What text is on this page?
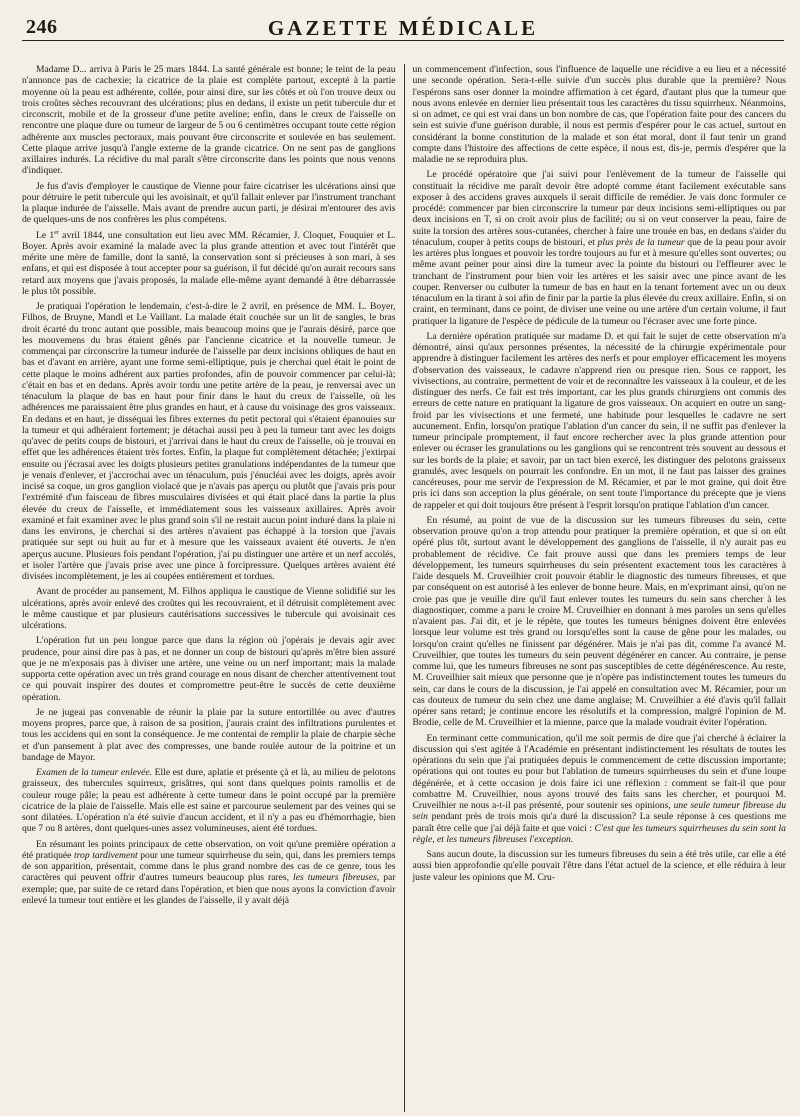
246	GAZETTE MÉDICALE

Madame D... arriva à Paris le 25 mars 1844. La santé générale est bonne; le teint de la peau n'annonce pas de cachexie; la cicatrice de la plaie est complète partout, excepté à la partie moyenne où la peau est adhérente, collée, pour ainsi dire, sur les côtés et où l'on trouve deux ou trois croûtes sèches recouvrant des ulcérations; plus en dedans, il existe un petit tubercule dur et circonscrit, mobile et de la grosseur d'une petite aveline; enfin, dans le creux de l'aisselle on rencontre une plaque dure ou tumeur de largeur de 5 ou 6 centimètres occupant toute cette région adhérente aux muscles pectoraux, mais pouvant être circonscrite et soulevée en bas seulement. Cette plaque arrive jusqu'à l'angle externe de la grande cicatrice. On ne sent pas de ganglions axillaires indurés. La récidive du mal paraît s'être circonscrite dans les points que nous venons d'indiquer.

Je fus d'avis d'employer le caustique de Vienne pour faire cicatriser les ulcérations ainsi que pour détruire le petit tubercule qui les avoisinait, et qu'il fallait enlever par l'instrument tranchant la plaque indurée de l'aisselle. Mais avant de prendre aucun parti, je désirai m'entourer des avis de quelques-uns de nos confrères les plus compétens.

Le 1er avril 1844, une consultation eut lieu avec MM. Récamier, J. Cloquet, Fouquier et L. Boyer. Après avoir examiné la malade avec la plus grande attention et avec tout l'intérêt que mérite une mère de famille, dont la santé, la conservation sont si précieuses à son mari, à ses enfans, et qui est disposée à tout accepter pour sa guérison, il fut décidé qu'on aurait recours sans retard aux moyens que j'avais proposés, la malade elle-même ayant demandé à être débarrassée le plus tôt possible.

Je pratiquai l'opération le lendemain, c'est-à-dire le 2 avril, en présence de MM. L. Boyer, Filhos, de Bruyne, Mandl et Le Vaillant. La malade était couchée sur un lit de sangles, le bras droit écarté du tronc autant que possible, mais beaucoup moins que je l'aurais désiré, parce que les mouvemens du bras étaient gênés par l'ancienne cicatrice et la nouvelle tumeur. Je commençai par circonscrire la tumeur indurée de l'aisselle par deux incisions obliques de haut en bas et d'avant en arrière, ayant une forme semi-elliptique, puis je cherchai quel était le point de cette plaque le moins adhérent aux parties profondes, afin de pouvoir commencer par celui-là; c'était en bas et en dedans. Après avoir tordu une petite artère de la peau, je renversai avec un ténaculum la plaque de bas en haut pour finir dans le haut du creux de l'aisselle, où les adhérences me paraissaient être plus grandes en haut, et à cause du voisinage des gros vaisseaux. En dedans et en haut, je disséquai les fibres externes du petit pectoral qui s'étaient épanouies sur la tumeur et qui adhéraient fortement; je détachai aussi peu à peu la tumeur tant avec les doigts qu'avec de petits coups de bistouri, et j'arrivai dans le haut du creux de l'aisselle, où je trouvai en effet que les adhérences étaient très fortes. Enfin, la plaque fut complètement détachée; j'extirpai ensuite ou j'écrasai avec les doigts plusieurs petites granulations indépendantes de la tumeur que je venais d'enlever, et j'accrochai avec un ténaculum, puis j'énucléai avec les doigts, après avoir incisé sa coque, un gros ganglion violacé que je n'avais pas aperçu ou plutôt que j'avais pris pour l'extrémité d'un faisceau de fibres musculaires divisées et qui était placé dans la partie la plus élevée du creux de l'aisselle, et immédiatement sous les vaisseaux axillaires. Après avoir examiné et fait examiner avec le plus grand soin s'il ne restait aucun point induré dans la plaie ni dans les environs, je cherchai si des artères n'avaient pas échappé à la torsion que j'avais pratiquée sur sept ou huit au fur et à mesure que les vaisseaux avaient été ouverts. Je n'en aperçus aucune. Plusieurs fois pendant l'opération, j'ai pu distinguer une artère et un nerf accolés, et isoler l'artère que j'avais prise avec une pince à forcipressure. Quelques artères avaient été divisées incomplètement, je les ai coupées entièrement et tordues.

Avant de procéder au pansement, M. Filhos appliqua le caustique de Vienne solidifié sur les ulcérations, après avoir enlevé des croûtes qui les recouvraient, et il détruisit complètement avec le même caustique et par plusieurs cautérisations successives le tubercule qui avoisinait ces ulcérations.

L'opération fut un peu longue parce que dans la région où j'opérais je devais agir avec prudence, pour ainsi dire pas à pas, et ne donner un coup de bistouri qu'après m'être bien assuré que je ne m'exposais pas à diviser une artère, une veine ou un nerf important; mais la malade supporta cette opération avec un très grand courage en nous disant de chercher attentivement tout ce qui pouvait inspirer des doutes et compromettre peut-être le succès de cette deuxième opération.

Je ne jugeai pas convenable de réunir la plaie par la suture entortillée ou avec d'autres moyens propres, parce que, à raison de sa position, j'aurais craint des infiltrations purulentes et tous les accidens qui en sont la conséquence. Je me contentai de remplir la plaie de charpie sèche et d'un pansement à plat avec des compresses, une bande roulée autour de la poitrine et un bandage de Mayor.

Examen de la tumeur enlevée. Elle est dure, aplatie et présente çà et là, au milieu de pelotons graisseux, des tubercules squirreux, grisâtres, qui sont dans quelques points ramollis et de couleur rouge pâle; la peau est adhérente à cette tumeur dans le point occupé par la première cicatrice de la plaie de l'aisselle. Mais elle est saine et parcourue seulement par des veines qui se sont dilatées. L'opération n'a été suivie d'aucun accident, et il n'y a pas eu d'hémorrhagie, bien que 7 ou 8 artères, dont quelques-unes assez volumineuses, aient été tordues.

En résumant les points principaux de cette observation, on voit qu'une première opération a été pratiquée trop tardivement pour une tumeur squirrheuse du sein, qui, dans les premiers temps de son apparition, présentait, comme dans le plus grand nombre des cas de ce genre, tous les caractères qui peuvent offrir d'autres tumeurs beaucoup plus rares, les tumeurs fibreuses, par exemple; que, par suite de ce retard dans l'opération, et bien que nous ayons la conviction d'avoir enlevé la tumeur tout entière et les glandes de l'aisselle, il y avait déjà

un commencement d'infection, sous l'influence de laquelle une récidive a eu lieu et a nécessité une seconde opération. Sera-t-elle suivie d'un succès plus durable que la première? Nous l'espérons sans oser donner la moindre affirmation à cet égard, d'autant plus que la tumeur que nous avons enlevée en dernier lieu présentait tous les caractères du tissu squirrheux. Néanmoins, si on admet, ce qui est vrai dans un bon nombre de cas, que l'opération faite pour des cancers du sein est suivie d'une guérison durable, il nous est permis d'espérer pour le cas actuel, surtout en considérant la bonne constitution de la malade et son état moral, dont il faut tenir un grand compte dans l'histoire des affections de cette espèce, il nous est, dis-je, permis d'espérer que la maladie ne se reproduira plus.

Le procédé opératoire que j'ai suivi pour l'enlèvement de la tumeur de l'aisselle qui constituait la récidive me paraît devoir être adopté comme étant facilement exécutable sans exposer à des accidens graves auxquels il serait difficile de remédier. Je vais donc formuler ce procédé: commencer par bien circonscrire la tumeur par deux incisions semi-elliptiques ou par deux incisions en T, si on croit avoir plus de facilité; ou si on veut conserver la peau, faire de suite la torsion des artères sous-cutanées, chercher à faire une trouée en bas, en dedans s'aider du ténaculum, couper à petits coups de bistouri, et plus près de la tumeur que de la peau pour avoir les artères plus longues et pouvoir les tordre toujours au fur et à mesure qu'elles sont ouvertes; ou même avant peiner pour ainsi dire la tumeur avec la pointe du bistouri ou l'effleurer avec le tranchant de l'instrument pour bien voir les artères et les saisir avec une pince avant de les couper. Renverser ou culbuter la tumeur de bas en haut en la tenant fortement avec un ou deux ténaculum en la tirant à soi afin de finir par la partie la plus élevée du creux axillaire. Enfin, si on craint, en terminant, dans ce point, de diviser une veine ou une artère d'un certain volume, il faut pratiquer la ligature de l'espèce de pédicule de la tumeur ou l'écraser avec une forte pince.

La dernière opération pratiquée sur madame D. et qui fait le sujet de cette observation m'a démontré, ainsi qu'aux personnes présentes, la nécessité de la chirurgie expérimentale pour apprendre à distinguer facilement les artères des nerfs et pour employer efficacement les moyens d'observation des vaisseaux, le cadavre n'apprend rien ou presque rien. Sous ce rapport, les vivisections, au contraire, permettent de voir et de reconnaître les vaisseaux à la couleur, et de les distinguer des nerfs. Ce fait est très important, car les plus grands chirurgiens ont commis des erreurs de cette nature en pratiquant la ligature de gros vaisseaux. On acquiert en outre un sang-froid par les vivisections et une fermeté, une habitude pour lesquelles le cadavre ne sert aucunement. Enfin, lorsqu'on pratique l'ablation d'un cancer du sein, il ne suffit pas d'enlever la tumeur principale promptement, il faut encore rechercher avec la plus grande attention pour enlever ou écraser les granulations ou les ganglions qui se rencontrent très souvent au dessous et sur les bords de la plaie; et savoir, par un tact bien exercé, les distinguer des pelotons graisseux granulés, avec lesquels on pourrait les confondre. En un mot, il ne faut pas laisser des graines cancéreuses, pour me servir de l'expression de M. Récamier, et par le mot graine, qui doit être pris ici dans son acception la plus générale, on sent toute l'importance du précepte que je viens de rappeler et qui doit toujours être présent à l'esprit lorsqu'on pratique l'ablation d'un cancer.

En résumé, au point de vue de la discussion sur les tumeurs fibreuses du sein, cette observation prouve qu'on a trop attendu pour pratiquer la première opération, et que si on eût opéré plus tôt, surtout avant le développement des ganglions de l'aisselle, il n'y aurait pas eu probablement de récidive. Ce fait prouve aussi que dans les premiers temps de leur développement, les tumeurs squirrheuses du sein présentent exactement tous les caractères à l'aide desquels M. Cruveilhier croit pouvoir établir le diagnostic des tumeurs fibreuses, et que par conséquent on est autorisé à les enlever de bonne heure. Mais, en m'exprimant ainsi, qu'on ne croie pas que je veuille dire qu'il faut enlever toutes les tumeurs du sein sans chercher à les diagnostiquer, comme a paru le croire M. Cruveilhier en donnant à mes paroles un sens qu'elles n'avaient pas. J'ai dit, et je le répète, que toutes les tumeurs bénignes doivent être enlevées lorsque leur volume est très grand ou lorsqu'elles sont la cause de gêne pour les malades, ou lorsqu'on craint qu'elles ne finissent par dégénérer. Mais je n'ai pas dit, comme l'a avancé M. Cruveilhier, que toutes les tumeurs du sein peuvent dégénérer en cancer. Au contraire, je pense comme lui, que les tumeurs fibreuses ne sont pas susceptibles de cette dégénérescence. Au reste, M. Cruveilhier sait mieux que personne que je n'opère pas indistinctement toutes les tumeurs du sein, car dans le cours de la discussion, je l'ai appelé en consultation avec M. Récamier, pour un cas douteux de tumeur du sein chez une dame anglaise; M. Cruveilhier a été d'avis qu'il fallait opérer sans retard; je continue encore les résolutifs et la compression, malgré l'opinion de M. Brodie, celle de M. Cruveilhier et la mienne, parce que la malade voudrait éviter l'opération.

En terminant cette communication, qu'il me soit permis de dire que j'ai cherché à éclairer la discussion qui s'est agitée à l'Académie en présentant indistinctement les résultats de toutes les opérations du sein que j'ai pratiquées depuis le commencement de cette discussion importante; opérations qui ont toutes eu pour but l'ablation de tumeurs squirrheuses du sein et d'une loupe dégénérée, et à cette occasion je dois faire ici une réflexion : comment se fait-il que pour combattre M. Cruveilhier, nous ayons trouvé des faits sans les chercher, et pourquoi M. Cruveilhier ne nous a-t-il pas présenté, pour soutenir ses opinions, une seule tumeur fibreuse du sein pendant près de trois mois qu'a duré la discussion? La seule réponse à ces questions me paraît être celle que j'ai déjà faite et que voici : C'est que les tumeurs squirrheuses du sein sont la règle, et les tumeurs fibreuses l'exception.

Sans aucun doute, la discussion sur les tumeurs fibreuses du sein a été très utile, car elle a été aussi bien approfondie qu'elle pouvait l'être dans l'état actuel de la science, et elle réduira à leur juste valeur les opinions que M. Cru-
